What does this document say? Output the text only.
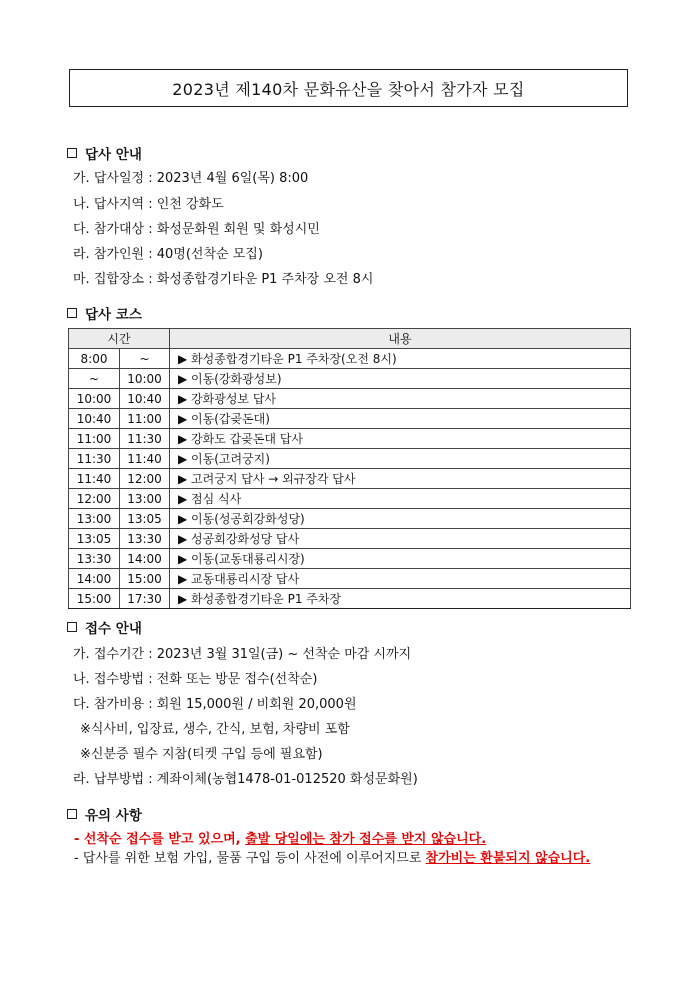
2023년 제140차 문화유산을 찾아서 참가자 모집
답사 안내
가. 답사일정 : 2023년 4월 6일(목) 8:00
나. 답사지역 : 인천 강화도
다. 참가대상 : 화성문화원 회원 및 화성시민
라. 참가인원 : 40명(선착순 모집)
마. 집합장소 : 화성종합경기타운 P1 주차장 오전 8시
답사 코스
시간		내용
8:00	~	▶ 화성종합경기타운 P1 주차장(오전 8시)
~	10:00	▶ 이동(강화광성보)
10:00	10:40	▶ 강화광성보 답사
10:40	11:00	▶ 이동(갑곶돈대)
11:00	11:30	▶ 강화도 갑곶돈대 답사
11:30	11:40	▶ 이동(고려궁지)
11:40	12:00	▶ 고려궁지 답사 → 외규장각 답사
12:00	13:00	▶ 점심 식사
13:00	13:05	▶ 이동(성공회강화성당)
13:05	13:30	▶ 성공회강화성당 답사
13:30	14:00	▶ 이동(교동대룡리시장)
14:00	15:00	▶ 교동대룡리시장 답사
15:00	17:30	▶ 화성종합경기타운 P1 주차장
접수 안내
가. 접수기간 : 2023년 3월 31일(금) ~ 선착순 마감 시까지
나. 접수방법 : 전화 또는 방문 접수(선착순)
다. 참가비용 : 회원 15,000원 / 비회원 20,000원
※식사비, 입장료, 생수, 간식, 보험, 차량비 포함
※신분증 필수 지참(티켓 구입 등에 필요함)
라. 납부방법 : 계좌이체(농협1478-01-012520 화성문화원)
유의 사항
- 선착순 접수를 받고 있으며, 출발 당일에는 참가 접수를 받지 않습니다.
- 답사를 위한 보험 가입, 물품 구입 등이 사전에 이루어지므로 참가비는 환불되지 않습니다.
